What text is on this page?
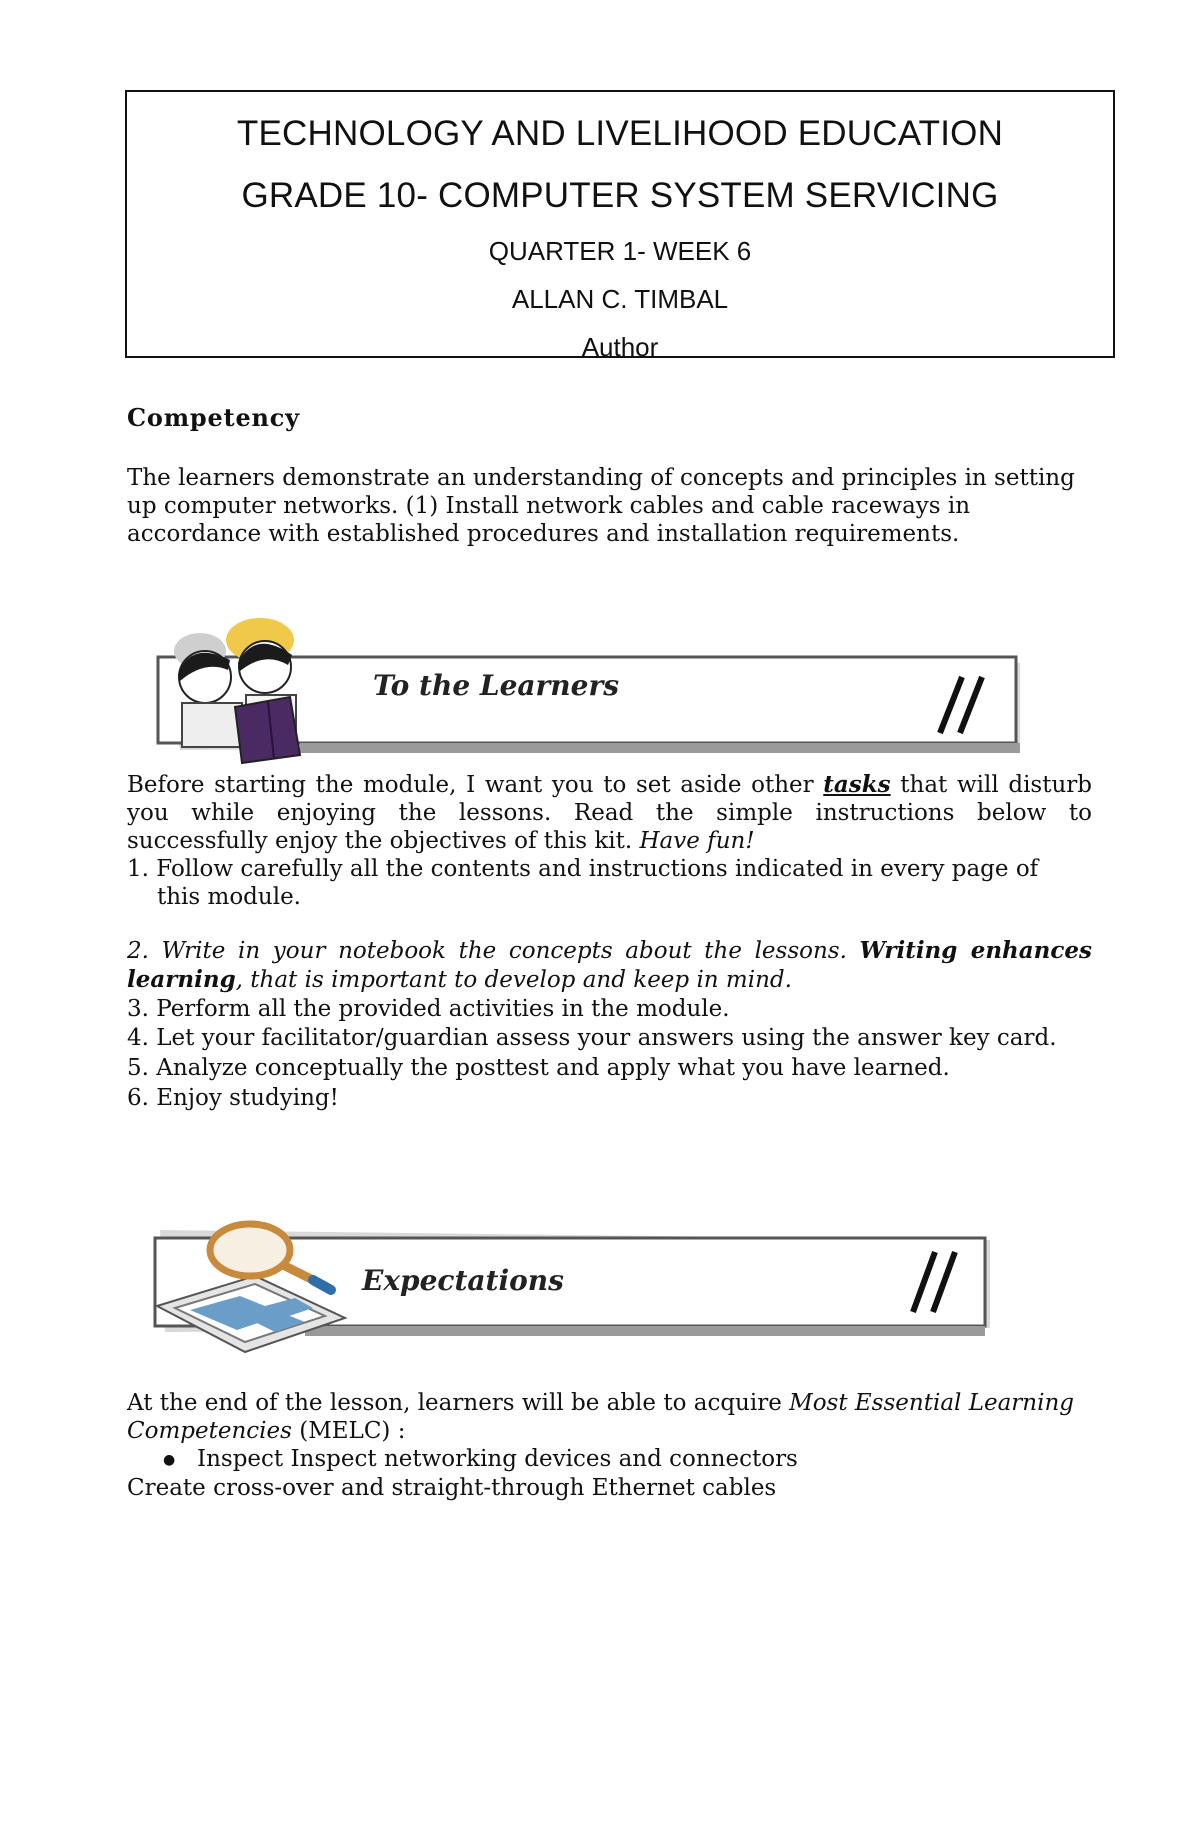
TECHNOLOGY AND LIVELIHOOD EDUCATION
GRADE 10- COMPUTER SYSTEM SERVICING
QUARTER 1- WEEK 6
ALLAN C. TIMBAL
Author
Competency
The learners demonstrate an understanding of concepts and principles in setting
up computer networks. (1) Install network cables and cable raceways in
accordance with established procedures and installation requirements.
To the Learners
Before starting the module, I want you to set aside other tasks that will disturb
you while enjoying the lessons. Read the simple instructions below to
successfully enjoy the objectives of this kit. Have fun!
1. Follow carefully all the contents and instructions indicated in every page of
this module.
2. Write in your notebook the concepts about the lessons. Writing enhances
learning, that is important to develop and keep in mind.
3. Perform all the provided activities in the module.
4. Let your facilitator/guardian assess your answers using the answer key card.
5. Analyze conceptually the posttest and apply what you have learned.
6. Enjoy studying!
Expectations
At the end of the lesson, learners will be able to acquire Most Essential Learning
Competencies (MELC) :
● Inspect Inspect networking devices and connectors
Create cross-over and straight-through Ethernet cables
